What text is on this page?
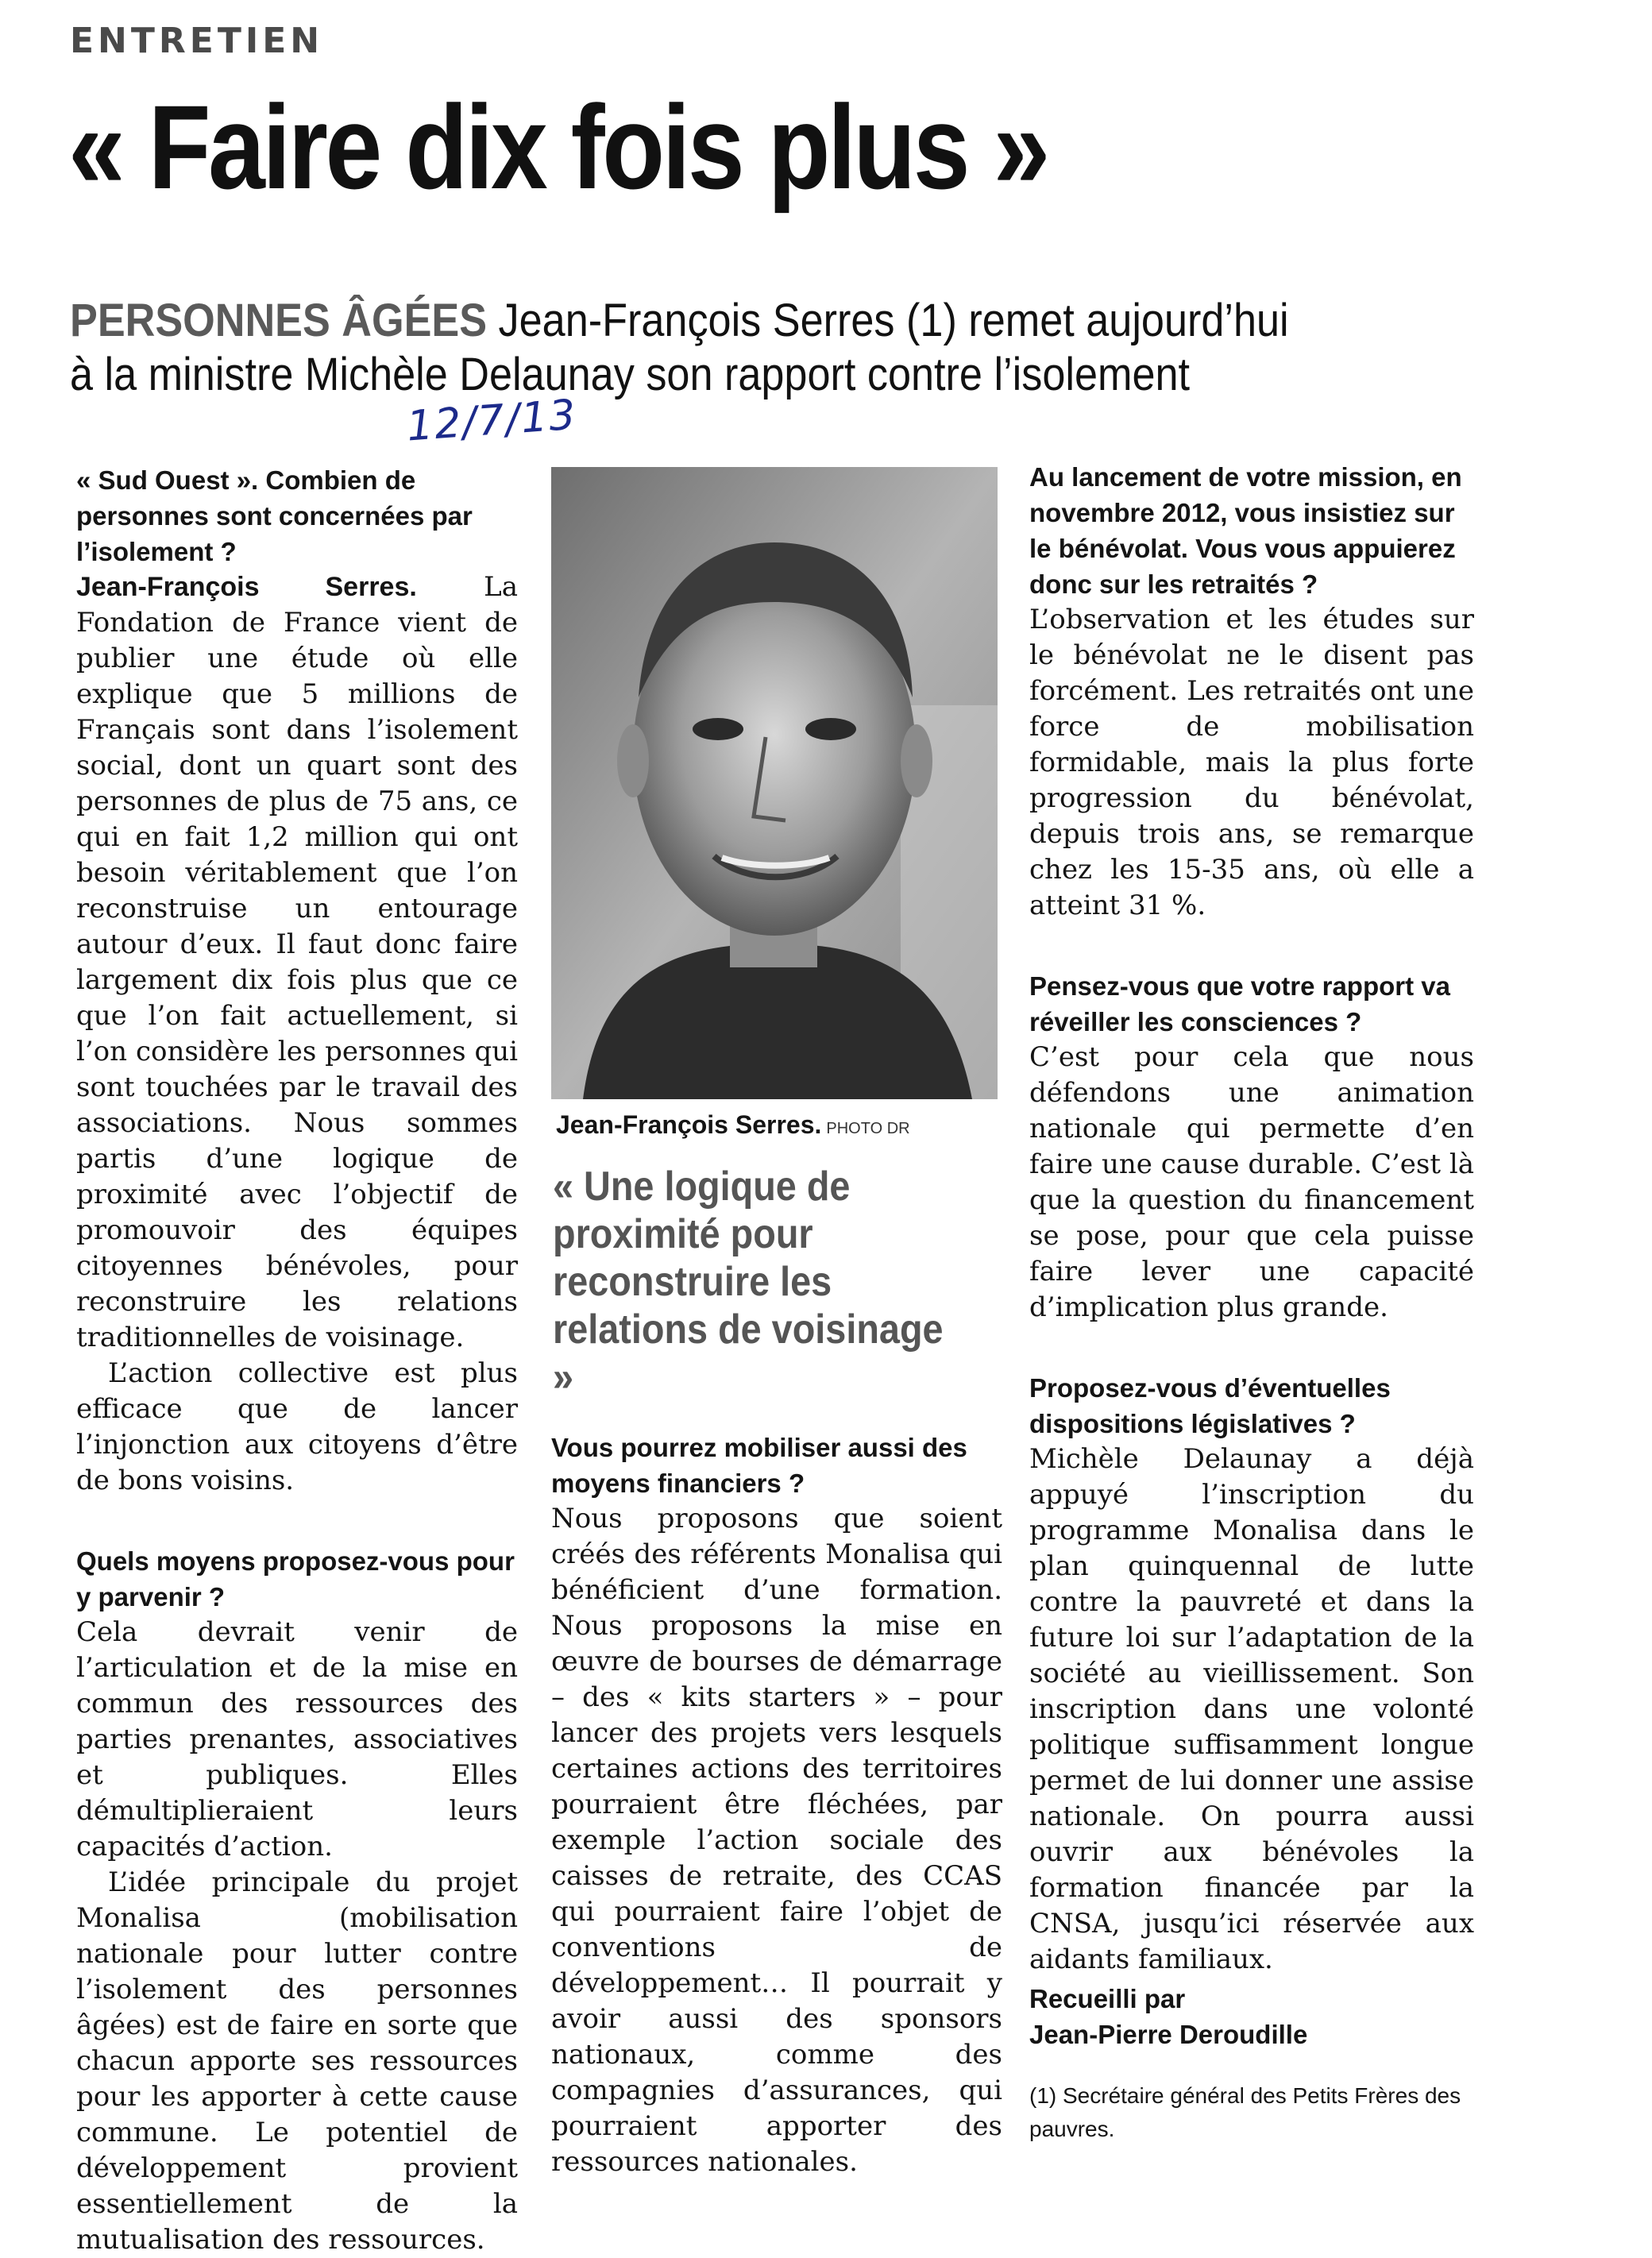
ENTRETIEN
« Faire dix fois plus »
PERSONNES ÂGÉES Jean-François Serres (1) remet aujourd’hui
à la ministre Michèle Delaunay son rapport contre l’isolement
12/7/13

« Sud Ouest ». Combien de personnes sont concernées par l’isolement ?

Jean-François Serres. La Fondation de France vient de publier une étude où elle explique que 5 millions de Français sont dans l’isolement social, dont un quart sont des personnes de plus de 75 ans, ce qui en fait 1,2 million qui ont besoin véritablement que l’on reconstruise un entourage autour d’eux. Il faut donc faire largement dix fois plus que ce que l’on fait actuellement, si l’on considère les personnes qui sont touchées par le travail des associations. Nous sommes partis d’une logique de proximité avec l’objectif de promouvoir des équipes citoyennes bénévoles, pour reconstruire les relations traditionnelles de voisinage.

L’action collective est plus efficace que de lancer l’injonction aux citoyens d’être de bons voisins.

Quels moyens proposez-vous pour y parvenir ?

Cela devrait venir de l’articulation et de la mise en commun des ressources des parties prenantes, associatives et publiques. Elles démultiplieraient leurs capacités d’action.

L’idée principale du projet Monalisa (mobilisation nationale pour lutter contre l’isolement des personnes âgées) est de faire en sorte que chacun apporte ses ressources pour les apporter à cette cause commune. Le potentiel de développement provient essentiellement de la mutualisation des ressources.

Jean-François Serres. PHOTO DR
« Une logique de proximité pour reconstruire les relations de voisinage »

Vous pourrez mobiliser aussi des moyens financiers ?

Nous proposons que soient créés des référents Monalisa qui bénéficient d’une formation. Nous proposons la mise en œuvre de bourses de démarrage – des « kits starters » – pour lancer des projets vers lesquels certaines actions des territoires pourraient être fléchées, par exemple l’action sociale des caisses de retraite, des CCAS qui pourraient faire l’objet de conventions de développement… Il pourrait y avoir aussi des sponsors nationaux, comme des compagnies d’assurances, qui pourraient apporter des ressources nationales.

Au lancement de votre mission, en novembre 2012, vous insistiez sur le bénévolat. Vous vous appuierez donc sur les retraités ?

L’observation et les études sur le bénévolat ne le disent pas forcément. Les retraités ont une force de mobilisation formidable, mais la plus forte progression du bénévolat, depuis trois ans, se remarque chez les 15-35 ans, où elle a atteint 31 %.

Pensez-vous que votre rapport va réveiller les consciences ?

C’est pour cela que nous défendons une animation nationale qui permette d’en faire une cause durable. C’est là que la question du financement se pose, pour que cela puisse faire lever une capacité d’implication plus grande.

Proposez-vous d’éventuelles dispositions législatives ?

Michèle Delaunay a déjà appuyé l’inscription du programme Monalisa dans le plan quinquennal de lutte contre la pauvreté et dans la future loi sur l’adaptation de la société au vieillissement. Son inscription dans une volonté politique suffisamment longue permet de lui donner une assise nationale. On pourra aussi ouvrir aux bénévoles la formation financée par la CNSA, jusqu’ici réservée aux aidants familiaux.

Recueilli par
Jean-Pierre Deroudille
(1) Secrétaire général des Petits Frères des pauvres.
